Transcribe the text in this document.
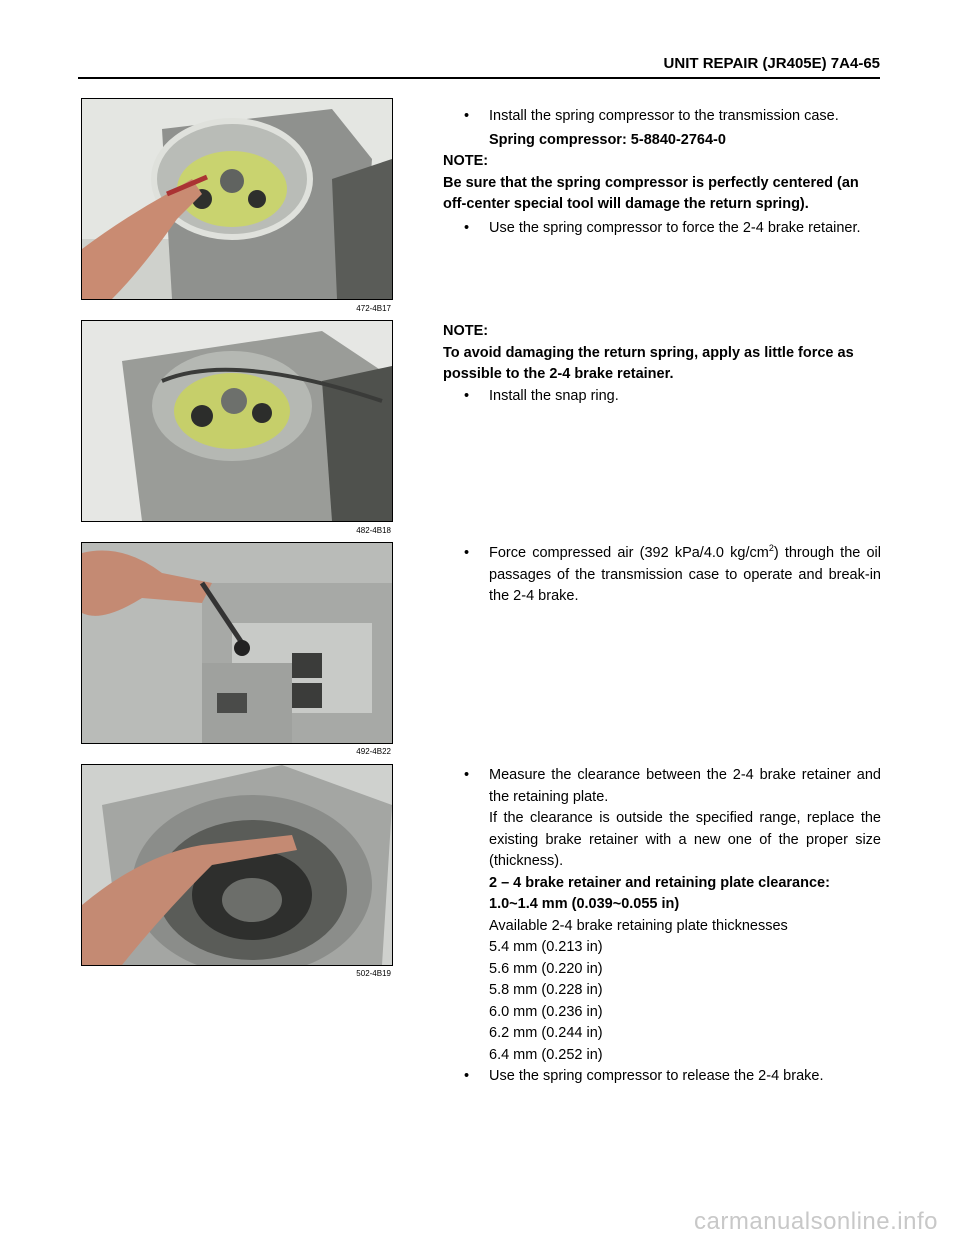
UNIT REPAIR (JR405E) 7A4-65
472-4B17
• Install the spring compressor to the transmission case.
Spring compressor: 5-8840-2764-0
NOTE:
Be sure that the spring compressor is perfectly centered (an off-center special tool will damage the return spring).
• Use the spring compressor to force the 2-4 brake retainer.
482-4B18
NOTE:
To avoid damaging the return spring, apply as little force as possible to the 2-4 brake retainer.
• Install the snap ring.
492-4B22
• Force compressed air (392 kPa/4.0 $kg/cm^2$) through the oil passages of the transmission case to operate and break-in the 2-4 brake.
502-4B19
• Measure the clearance between the 2-4 brake retainer and the retaining plate.
If the clearance is outside the specified range, replace the existing brake retainer with a new one of the proper size (thickness).
2 – 4 brake retainer and retaining plate clearance:
1.0~1.4 mm (0.039~0.055 in)
Available 2-4 brake retaining plate thicknesses
5.4 mm (0.213 in)
5.6 mm (0.220 in)
5.8 mm (0.228 in)
6.0 mm (0.236 in)
6.2 mm (0.244 in)
6.4 mm (0.252 in)
• Use the spring compressor to release the 2-4 brake.
carmanualsonline.info
